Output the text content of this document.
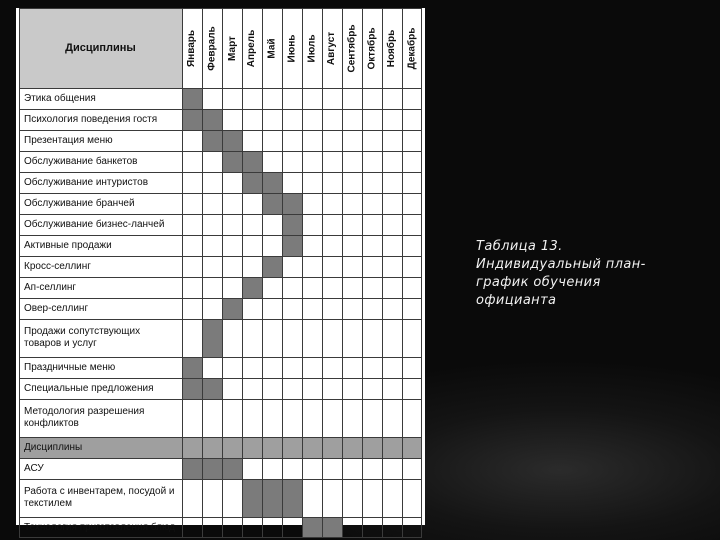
Дисциплины	Январь Февраль Март Апрель Май Июнь Июль Август Сентябрь Октябрь Ноябрь Декабрь
Этика общения
Психология поведения гостя
Презентация меню
Обслуживание банкетов
Обслуживание интуристов
Обслуживание бранчей
Обслуживание бизнес-ланчей
Активные продажи
Кросс-селлинг
Ап-селлинг
Овер-селлинг
Продажи сопутствующих товаров и услуг
Праздничные меню
Специальные предложения
Методология разрешения конфликтов
Дисциплины
АСУ
Работа с инвентарем, посудой и текстилем
Технология приготовления блюд
Таблица 13.
Индивидуальный план-
график обучения
официанта
